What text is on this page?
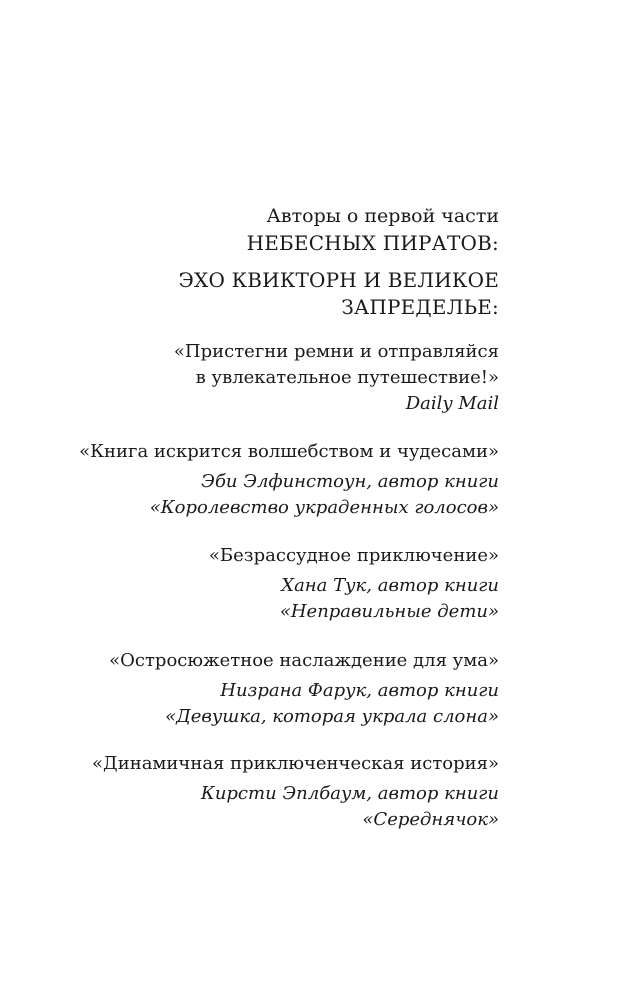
Авторы о первой части
НЕБЕСНЫХ ПИРАТОВ:
ЭХО КВИКТОРН И ВЕЛИКОЕ
ЗАПРЕДЕЛЬЕ:
«Пристегни ремни и отправляйся
в увлекательное путешествие!»
Daily Mail
«Книга искрится волшебством и чудесами»
Эби Элфинстоун, автор книги
«Королевство украденных голосов»
«Безрассудное приключение»
Хана Тук, автор книги
«Неправильные дети»
«Остросюжетное наслаждение для ума»
Низрана Фарук, автор книги
«Девушка, которая украла слона»
«Динамичная приключенческая история»
Кирсти Эплбаум, автор книги
«Середнячок»
